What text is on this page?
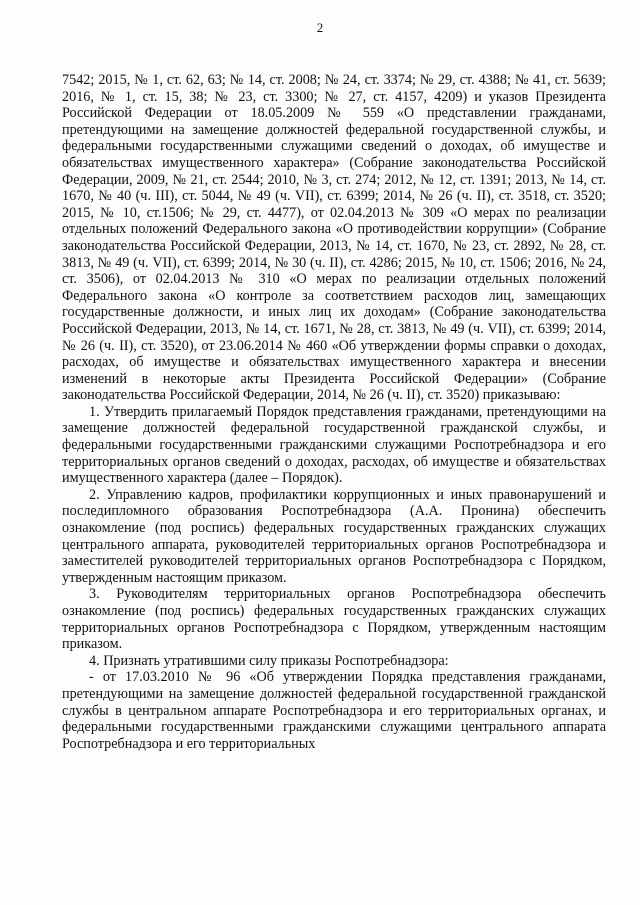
2

7542; 2015, № 1, ст. 62, 63; № 14, ст. 2008; № 24, ст. 3374; № 29, ст. 4388; № 41, ст. 5639; 2016, № 1, ст. 15, 38; № 23, ст. 3300; № 27, ст. 4157, 4209) и указов Президента Российской Федерации от 18.05.2009 № 559 «О представлении гражданами, претендующими на замещение должностей федеральной государственной службы, и федеральными государственными служащими сведений о доходах, об имуществе и обязательствах имущественного характера» (Собрание законодательства Российской Федерации, 2009, № 21, ст. 2544; 2010, № 3, ст. 274; 2012, № 12, ст. 1391; 2013, № 14, ст. 1670, № 40 (ч. III), ст. 5044, № 49 (ч. VII), ст. 6399; 2014, № 26 (ч. II), ст. 3518, ст. 3520; 2015, № 10, ст.1506; № 29, ст. 4477), от 02.04.2013 № 309 «О мерах по реализации отдельных положений Федерального закона «О противодействии коррупции» (Собрание законодательства Российской Федерации, 2013, № 14, ст. 1670, № 23, ст. 2892, № 28, ст. 3813, № 49 (ч. VII), ст. 6399; 2014, № 30 (ч. II), ст. 4286; 2015, № 10, ст. 1506; 2016, № 24, ст. 3506), от 02.04.2013 № 310 «О мерах по реализации отдельных положений Федерального закона «О контроле за соответствием расходов лиц, замещающих государственные должности, и иных лиц их доходам» (Собрание законодательства Российской Федерации, 2013, № 14, ст. 1671, № 28, ст. 3813, № 49 (ч. VII), ст. 6399; 2014, № 26 (ч. II), ст. 3520), от 23.06.2014 № 460 «Об утверждении формы справки о доходах, расходах, об имуществе и обязательствах имущественного характера и внесении изменений в некоторые акты Президента Российской Федерации» (Собрание законодательства Российской Федерации, 2014, № 26 (ч. II), ст. 3520) приказываю:

1. Утвердить прилагаемый Порядок представления гражданами, претендующими на замещение должностей федеральной государственной гражданской службы, и федеральными государственными гражданскими служащими Роспотребнадзора и его территориальных органов сведений о доходах, расходах, об имуществе и обязательствах имущественного характера (далее – Порядок).

2. Управлению кадров, профилактики коррупционных и иных правонарушений и последипломного образования Роспотребнадзора (А.А. Пронина) обеспечить ознакомление (под роспись) федеральных государственных гражданских служащих центрального аппарата, руководителей территориальных органов Роспотребнадзора и заместителей руководителей территориальных органов Роспотребнадзора с Порядком, утвержденным настоящим приказом.

3. Руководителям территориальных органов Роспотребнадзора обеспечить ознакомление (под роспись) федеральных государственных гражданских служащих территориальных органов Роспотребнадзора с Порядком, утвержденным настоящим приказом.

4. Признать утратившими силу приказы Роспотребнадзора:

- от 17.03.2010 № 96 «Об утверждении Порядка представления гражданами, претендующими на замещение должностей федеральной государственной гражданской службы в центральном аппарате Роспотребнадзора и его территориальных органах, и федеральными государственными гражданскими служащими центрального аппарата Роспотребнадзора и его территориальных
